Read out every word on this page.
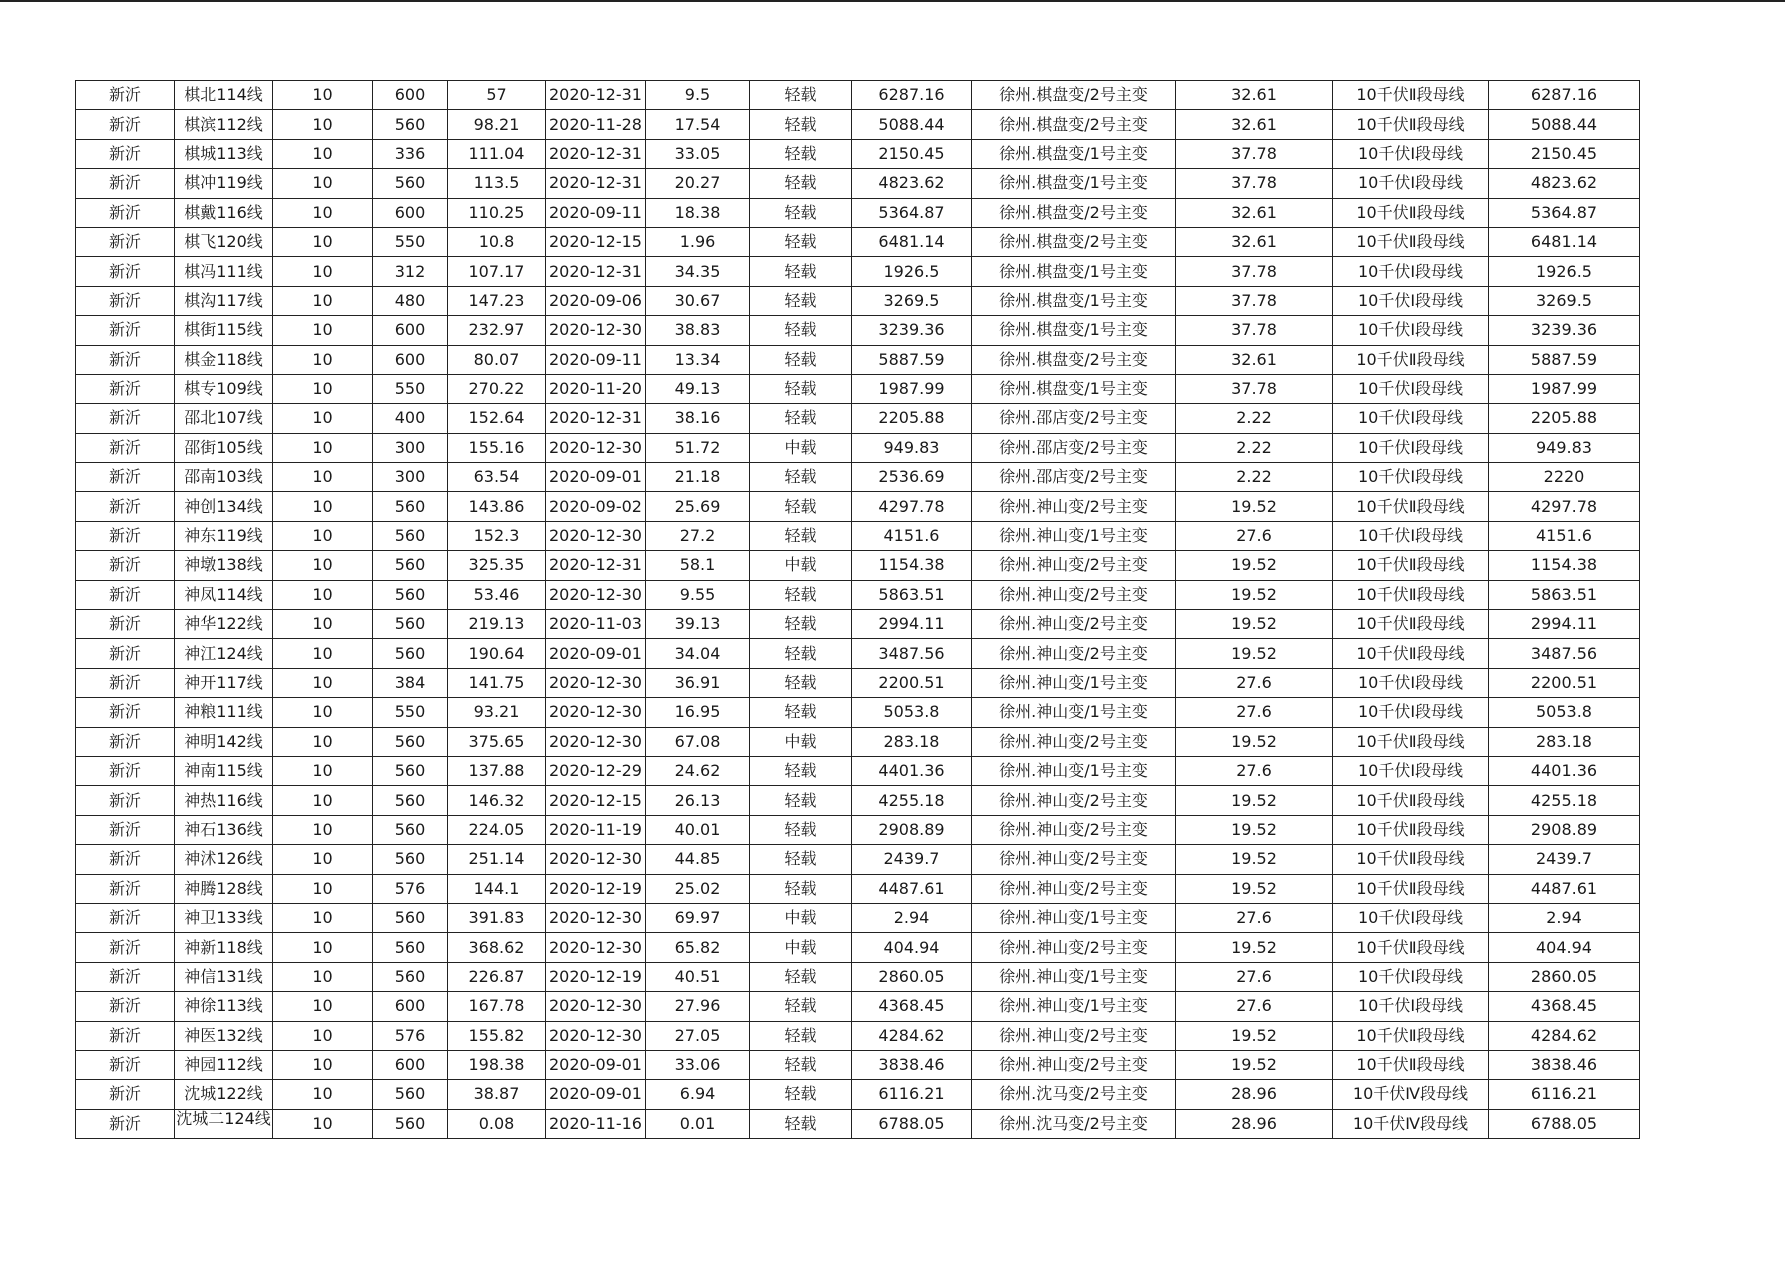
新沂	棋北114线	10	600	57	2020-12-31	9.5	轻载	6287.16	徐州.棋盘变/2号主变	32.61	10千伏Ⅱ段母线	6287.16
新沂	棋滨112线	10	560	98.21	2020-11-28	17.54	轻载	5088.44	徐州.棋盘变/2号主变	32.61	10千伏Ⅱ段母线	5088.44
新沂	棋城113线	10	336	111.04	2020-12-31	33.05	轻载	2150.45	徐州.棋盘变/1号主变	37.78	10千伏Ⅰ段母线	2150.45
新沂	棋冲119线	10	560	113.5	2020-12-31	20.27	轻载	4823.62	徐州.棋盘变/1号主变	37.78	10千伏Ⅰ段母线	4823.62
新沂	棋戴116线	10	600	110.25	2020-09-11	18.38	轻载	5364.87	徐州.棋盘变/2号主变	32.61	10千伏Ⅱ段母线	5364.87
新沂	棋飞120线	10	550	10.8	2020-12-15	1.96	轻载	6481.14	徐州.棋盘变/2号主变	32.61	10千伏Ⅱ段母线	6481.14
新沂	棋冯111线	10	312	107.17	2020-12-31	34.35	轻载	1926.5	徐州.棋盘变/1号主变	37.78	10千伏Ⅰ段母线	1926.5
新沂	棋沟117线	10	480	147.23	2020-09-06	30.67	轻载	3269.5	徐州.棋盘变/1号主变	37.78	10千伏Ⅰ段母线	3269.5
新沂	棋街115线	10	600	232.97	2020-12-30	38.83	轻载	3239.36	徐州.棋盘变/1号主变	37.78	10千伏Ⅰ段母线	3239.36
新沂	棋金118线	10	600	80.07	2020-09-11	13.34	轻载	5887.59	徐州.棋盘变/2号主变	32.61	10千伏Ⅱ段母线	5887.59
新沂	棋专109线	10	550	270.22	2020-11-20	49.13	轻载	1987.99	徐州.棋盘变/1号主变	37.78	10千伏Ⅰ段母线	1987.99
新沂	邵北107线	10	400	152.64	2020-12-31	38.16	轻载	2205.88	徐州.邵店变/2号主变	2.22	10千伏Ⅰ段母线	2205.88
新沂	邵街105线	10	300	155.16	2020-12-30	51.72	中载	949.83	徐州.邵店变/2号主变	2.22	10千伏Ⅰ段母线	949.83
新沂	邵南103线	10	300	63.54	2020-09-01	21.18	轻载	2536.69	徐州.邵店变/2号主变	2.22	10千伏Ⅰ段母线	2220
新沂	神创134线	10	560	143.86	2020-09-02	25.69	轻载	4297.78	徐州.神山变/2号主变	19.52	10千伏Ⅱ段母线	4297.78
新沂	神东119线	10	560	152.3	2020-12-30	27.2	轻载	4151.6	徐州.神山变/1号主变	27.6	10千伏Ⅰ段母线	4151.6
新沂	神墩138线	10	560	325.35	2020-12-31	58.1	中载	1154.38	徐州.神山变/2号主变	19.52	10千伏Ⅱ段母线	1154.38
新沂	神凤114线	10	560	53.46	2020-12-30	9.55	轻载	5863.51	徐州.神山变/2号主变	19.52	10千伏Ⅱ段母线	5863.51
新沂	神华122线	10	560	219.13	2020-11-03	39.13	轻载	2994.11	徐州.神山变/2号主变	19.52	10千伏Ⅱ段母线	2994.11
新沂	神江124线	10	560	190.64	2020-09-01	34.04	轻载	3487.56	徐州.神山变/2号主变	19.52	10千伏Ⅱ段母线	3487.56
新沂	神开117线	10	384	141.75	2020-12-30	36.91	轻载	2200.51	徐州.神山变/1号主变	27.6	10千伏Ⅰ段母线	2200.51
新沂	神粮111线	10	550	93.21	2020-12-30	16.95	轻载	5053.8	徐州.神山变/1号主变	27.6	10千伏Ⅰ段母线	5053.8
新沂	神明142线	10	560	375.65	2020-12-30	67.08	中载	283.18	徐州.神山变/2号主变	19.52	10千伏Ⅱ段母线	283.18
新沂	神南115线	10	560	137.88	2020-12-29	24.62	轻载	4401.36	徐州.神山变/1号主变	27.6	10千伏Ⅰ段母线	4401.36
新沂	神热116线	10	560	146.32	2020-12-15	26.13	轻载	4255.18	徐州.神山变/2号主变	19.52	10千伏Ⅱ段母线	4255.18
新沂	神石136线	10	560	224.05	2020-11-19	40.01	轻载	2908.89	徐州.神山变/2号主变	19.52	10千伏Ⅱ段母线	2908.89
新沂	神沭126线	10	560	251.14	2020-12-30	44.85	轻载	2439.7	徐州.神山变/2号主变	19.52	10千伏Ⅱ段母线	2439.7
新沂	神腾128线	10	576	144.1	2020-12-19	25.02	轻载	4487.61	徐州.神山变/2号主变	19.52	10千伏Ⅱ段母线	4487.61
新沂	神卫133线	10	560	391.83	2020-12-30	69.97	中载	2.94	徐州.神山变/1号主变	27.6	10千伏Ⅰ段母线	2.94
新沂	神新118线	10	560	368.62	2020-12-30	65.82	中载	404.94	徐州.神山变/2号主变	19.52	10千伏Ⅱ段母线	404.94
新沂	神信131线	10	560	226.87	2020-12-19	40.51	轻载	2860.05	徐州.神山变/1号主变	27.6	10千伏Ⅰ段母线	2860.05
新沂	神徐113线	10	600	167.78	2020-12-30	27.96	轻载	4368.45	徐州.神山变/1号主变	27.6	10千伏Ⅰ段母线	4368.45
新沂	神医132线	10	576	155.82	2020-12-30	27.05	轻载	4284.62	徐州.神山变/2号主变	19.52	10千伏Ⅱ段母线	4284.62
新沂	神园112线	10	600	198.38	2020-09-01	33.06	轻载	3838.46	徐州.神山变/2号主变	19.52	10千伏Ⅱ段母线	3838.46
新沂	沈城122线	10	560	38.87	2020-09-01	6.94	轻载	6116.21	徐州.沈马变/2号主变	28.96	10千伏Ⅳ段母线	6116.21
新沂	沈城二124线	10	560	0.08	2020-11-16	0.01	轻载	6788.05	徐州.沈马变/2号主变	28.96	10千伏Ⅳ段母线	6788.05
